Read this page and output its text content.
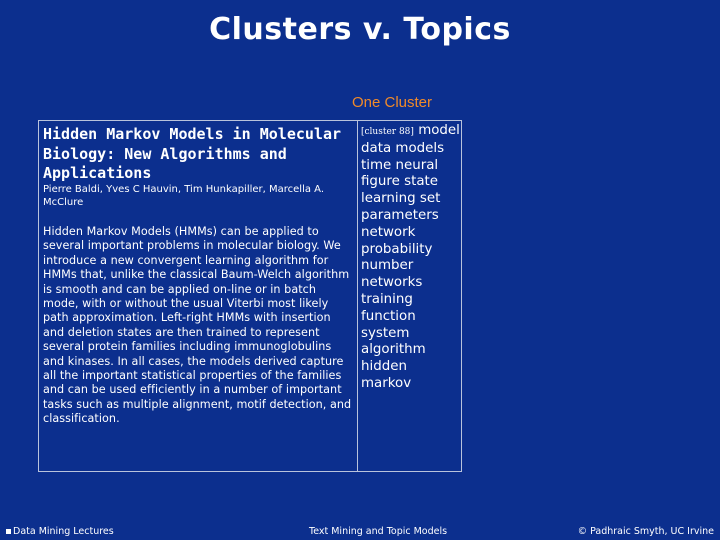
Clusters v. Topics
One Cluster
Hidden Markov Models in Molecular Biology: New Algorithms and Applications
Pierre Baldi, Yves C Hauvin, Tim Hunkapiller, Marcella A. McClure
Hidden Markov Models (HMMs) can be applied to several important problems in molecular biology. We introduce a new convergent learning algorithm for HMMs that, unlike the classical Baum-Welch algorithm is smooth and can be applied on-line or in batch mode, with or without the usual Viterbi most likely path approximation. Left-right HMMs with insertion and deletion states are then trained to represent several protein families including immunoglobulins and kinases. In all cases, the models derived capture all the important statistical properties of the families and can be used efficiently in a number of important tasks such as multiple alignment, motif detection, and classification.
[cluster 88] model data models time neural figure state learning set parameters network probability number networks training function system algorithm hidden markov
Data Mining Lectures	Text Mining and Topic Models	© Padhraic Smyth, UC Irvine
